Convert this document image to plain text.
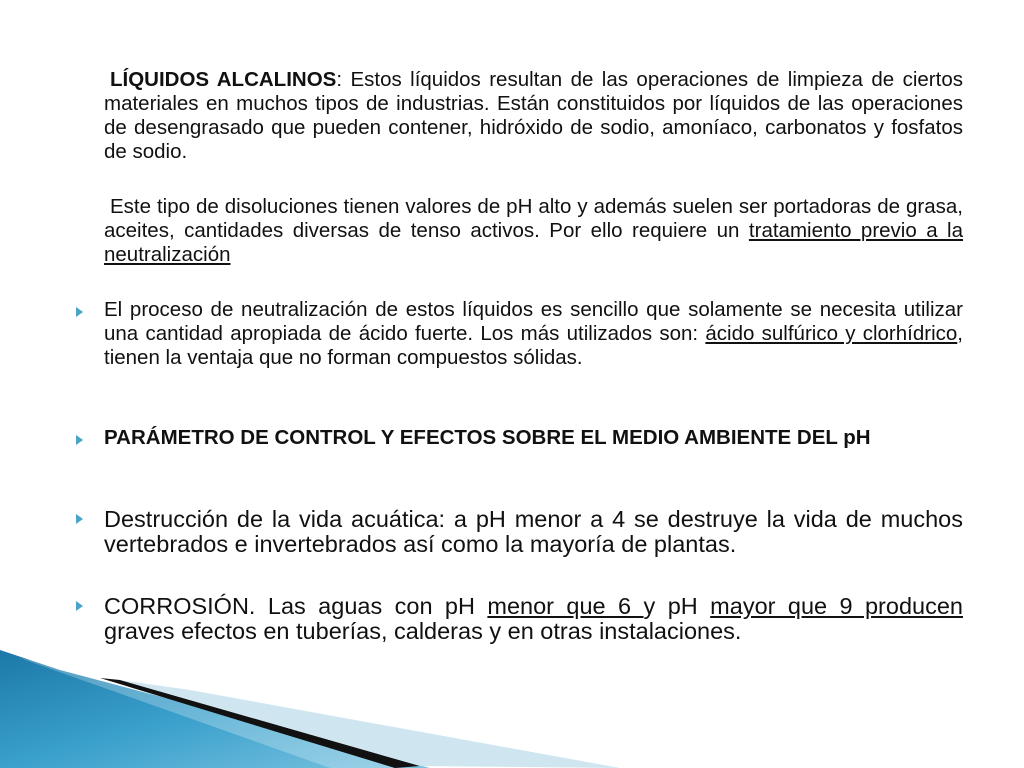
LÍQUIDOS ALCALINOS: Estos líquidos resultan de las operaciones de limpieza de ciertos materiales en muchos tipos de industrias. Están constituidos por líquidos de las operaciones de desengrasado que pueden contener, hidróxido de sodio, amoníaco, carbonatos y fosfatos de sodio.

Este tipo de disoluciones tienen valores de pH alto y además suelen ser portadoras de grasa, aceites, cantidades diversas de tenso activos. Por ello requiere un tratamiento previo a la neutralización

El proceso de neutralización de estos líquidos es sencillo que solamente se necesita utilizar una cantidad apropiada de ácido fuerte. Los más utilizados son: ácido sulfúrico y clorhídrico, tienen la ventaja que no forman compuestos sólidas.

PARÁMETRO DE CONTROL Y EFECTOS SOBRE EL MEDIO AMBIENTE DEL pH

Destrucción de la vida acuática: a pH menor a 4 se destruye la vida de muchos vertebrados e invertebrados así como la mayoría de plantas.

CORROSIÓN. Las aguas con pH menor que 6 y pH mayor que 9 producen graves efectos en tuberías, calderas y en otras instalaciones.
